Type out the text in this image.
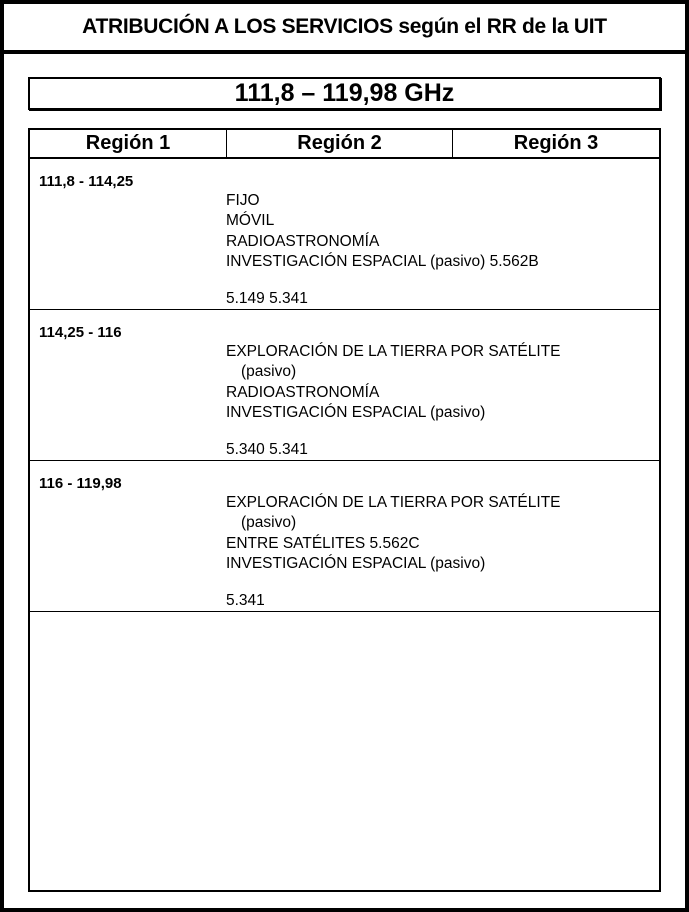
ATRIBUCIÓN A LOS SERVICIOS según el RR de la UIT
111,8 – 119,98 GHz
Región 1	Región 2	Región 3
111,8 - 114,25
FIJO
MÓVIL
RADIOASTRONOMÍA
INVESTIGACIÓN ESPACIAL (pasivo) 5.562B
5.149 5.341
114,25 - 116
EXPLORACIÓN DE LA TIERRA POR SATÉLITE
(pasivo)
RADIOASTRONOMÍA
INVESTIGACIÓN ESPACIAL (pasivo)
5.340 5.341
116 - 119,98
EXPLORACIÓN DE LA TIERRA POR SATÉLITE
(pasivo)
ENTRE SATÉLITES 5.562C
INVESTIGACIÓN ESPACIAL (pasivo)
5.341
